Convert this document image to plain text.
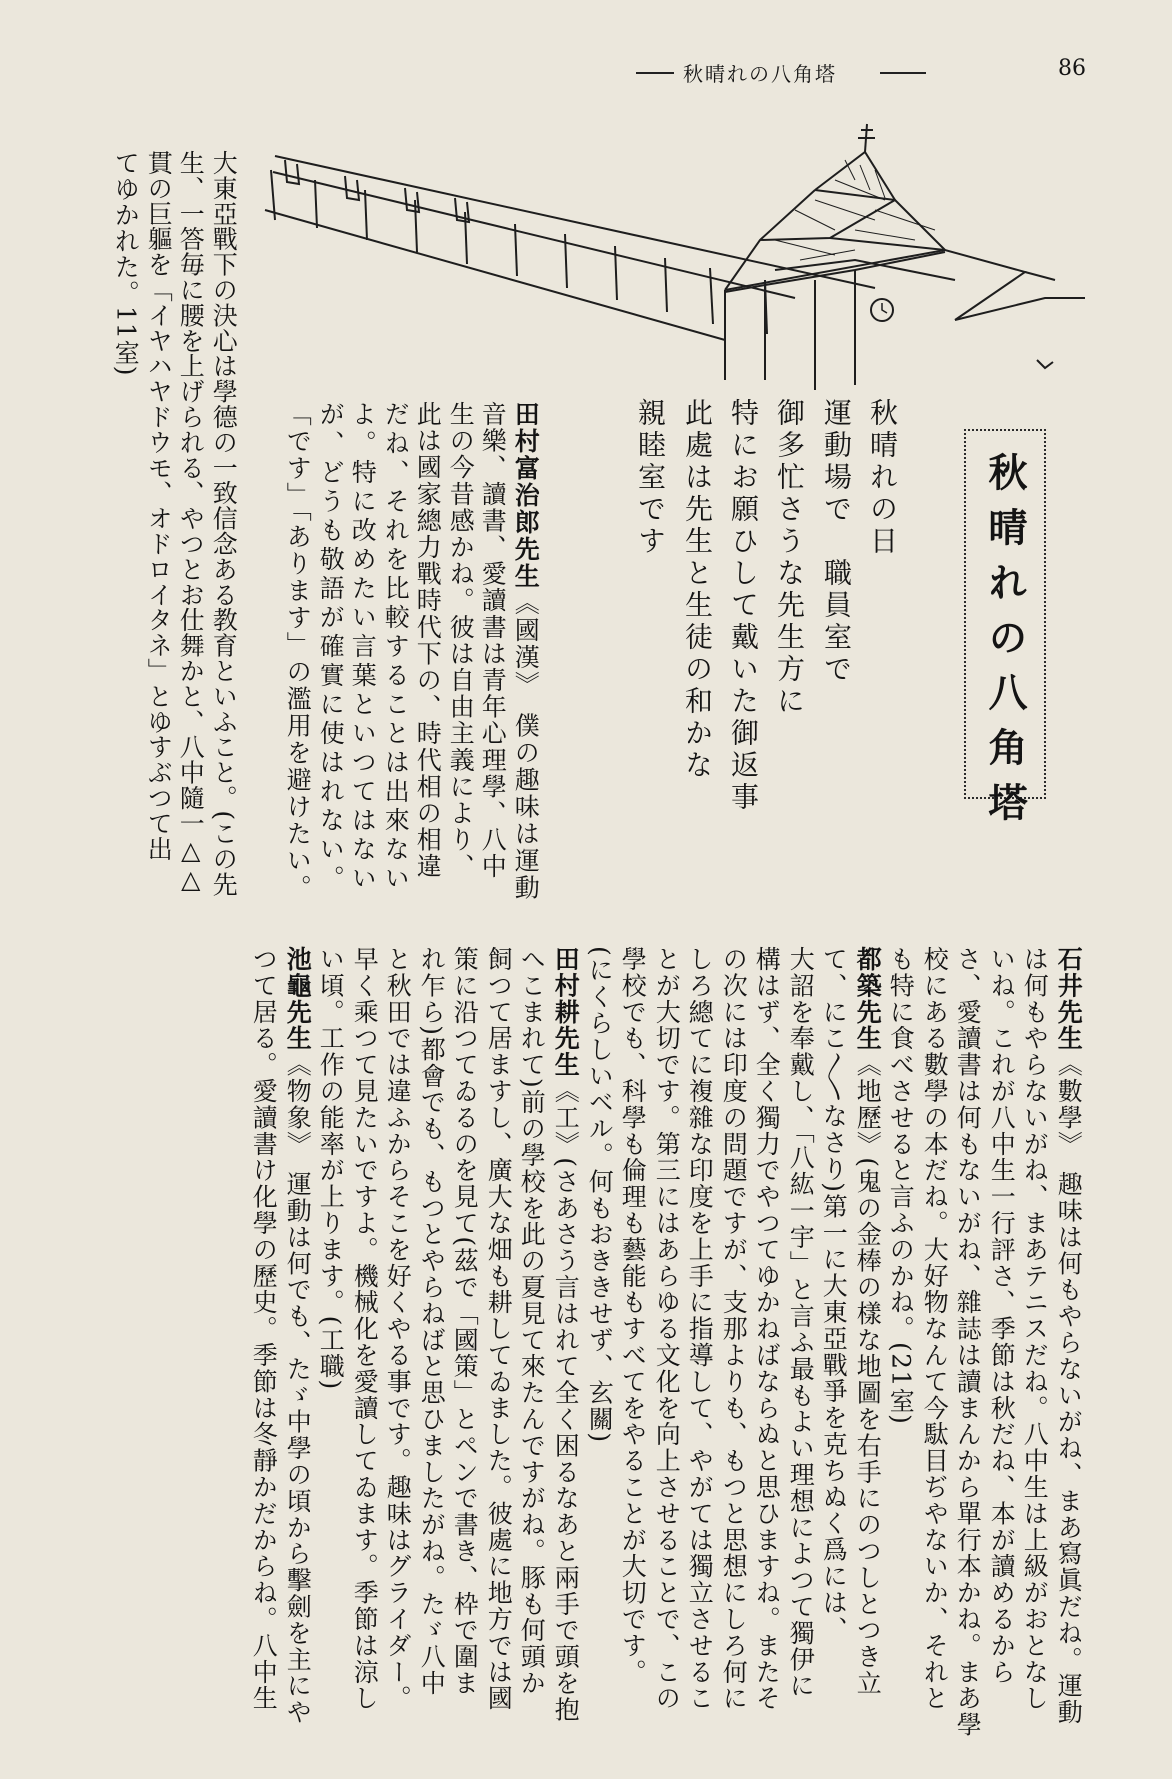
秋晴れの八角塔	86
秋晴れの八角塔
秋晴れの日
運動場で　職員室で
御多忙さうな先生方に
特にお願ひして戴いた御返事
此處は先生と生徒の和かな
親睦室です
田村富治郎先生《國漢》　僕の趣味は運動
音樂、讀書、愛讀書は青年心理學、八中
生の今昔感かね。彼は自由主義により、
此は國家總力戰時代下の、時代相の相違
だね、それを比較することは出來ない
よ。特に改めたい言葉といつてはない
が、どうも敬語が確實に使はれない。
「です」「あります」の濫用を避けたい。
大東亞戰下の決心は學德の一致信念ある教育といふこと。(この先
生、一答毎に腰を上げられる、やつとお仕舞かと、八中隨一△△
貫の巨軀を「イヤハヤドウモ、オドロイタネ」とゆすぶつて出
てゆかれた。11室)
石井先生《數學》　趣味は何もやらないがね、まあ寫眞だね。運動
は何もやらないがね、まあテニスだね。八中生は上級がおとなし
いね。これが八中生一行評さ、季節は秋だね、本が讀めるから
さ、愛讀書は何もないがね、雜誌は讀まんから單行本かね。まあ學
校にある數學の本だね。大好物なんて今駄目ぢやないか、それと
も特に食べさせると言ふのかね。(21室)
都築先生《地歷》(鬼の金棒の樣な地圖を右手にのつしとつき立
て、にこ〳〵なさり)第一に大東亞戰爭を克ちぬく爲には、
大詔を奉戴し、「八紘一宇」と言ふ最もよい理想によつて獨伊に
構はず、全く獨力でやつてゆかねばならぬと思ひますね。またそ
の次には印度の問題ですが、支那よりも、もつと思想にしろ何に
しろ總てに複雜な印度を上手に指導して、やがては獨立させるこ
とが大切です。第三にはあらゆる文化を向上させることで、この
學校でも、科學も倫理も藝能もすべてをやることが大切です。
(にくらしいベル。何もおききせず、玄關)
田村耕先生《工》(さあさう言はれて全く困るなあと兩手で頭を抱
へこまれて)前の學校を此の夏見て來たんですがね。豚も何頭か
飼つて居ますし、廣大な畑も耕してゐました。彼處に地方では國
策に沿つてゐるのを見て(茲で「國策」とペンで書き、枠で圍ま
れ乍ら)都會でも、もつとやらねばと思ひましたがね。たゞ八中
と秋田では違ふからそこを好くやる事です。趣味はグライダー。
早く乘つて見たいですよ。機械化を愛讀してゐます。季節は涼し
い頃。工作の能率が上ります。(工職)
池龜先生《物象》　運動は何でも、たゞ中學の頃から擊劍を主にや
つて居る。愛讀書け化學の歷史。季節は冬靜かだからね。八中生
